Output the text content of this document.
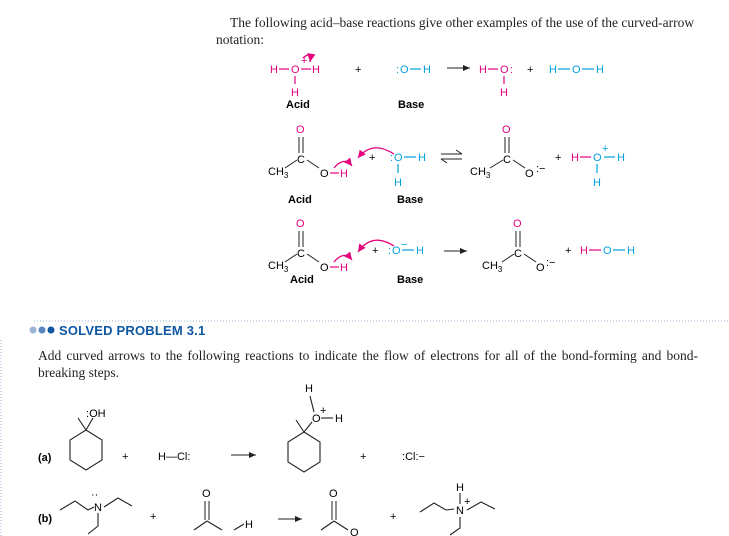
The following acid–base reactions give other examples of the use of the curved-arrow notation:
H O
+
H
H
Acid
+	: O H
Base
H O :
H
+ H O H
O
C
$CH_3$	O H
Acid
+ : O H
H
Base
O
C
$CH_3$	O :−
+ H O
+
H
H
O
C
$CH_3$	O H
Acid
+ : O − H
Base
O
C
$CH_3$	O :−
+ H O H
(a)
:OH
+	H—Cl:
O
+
H
H
+	:Cl:−
(b)
N
··
+
O
H
O
O
+	N
+
H
SOLVED PROBLEM 3.1
Add curved arrows to the following reactions to indicate the flow of electrons for all of the bond-forming and bond-breaking steps.
